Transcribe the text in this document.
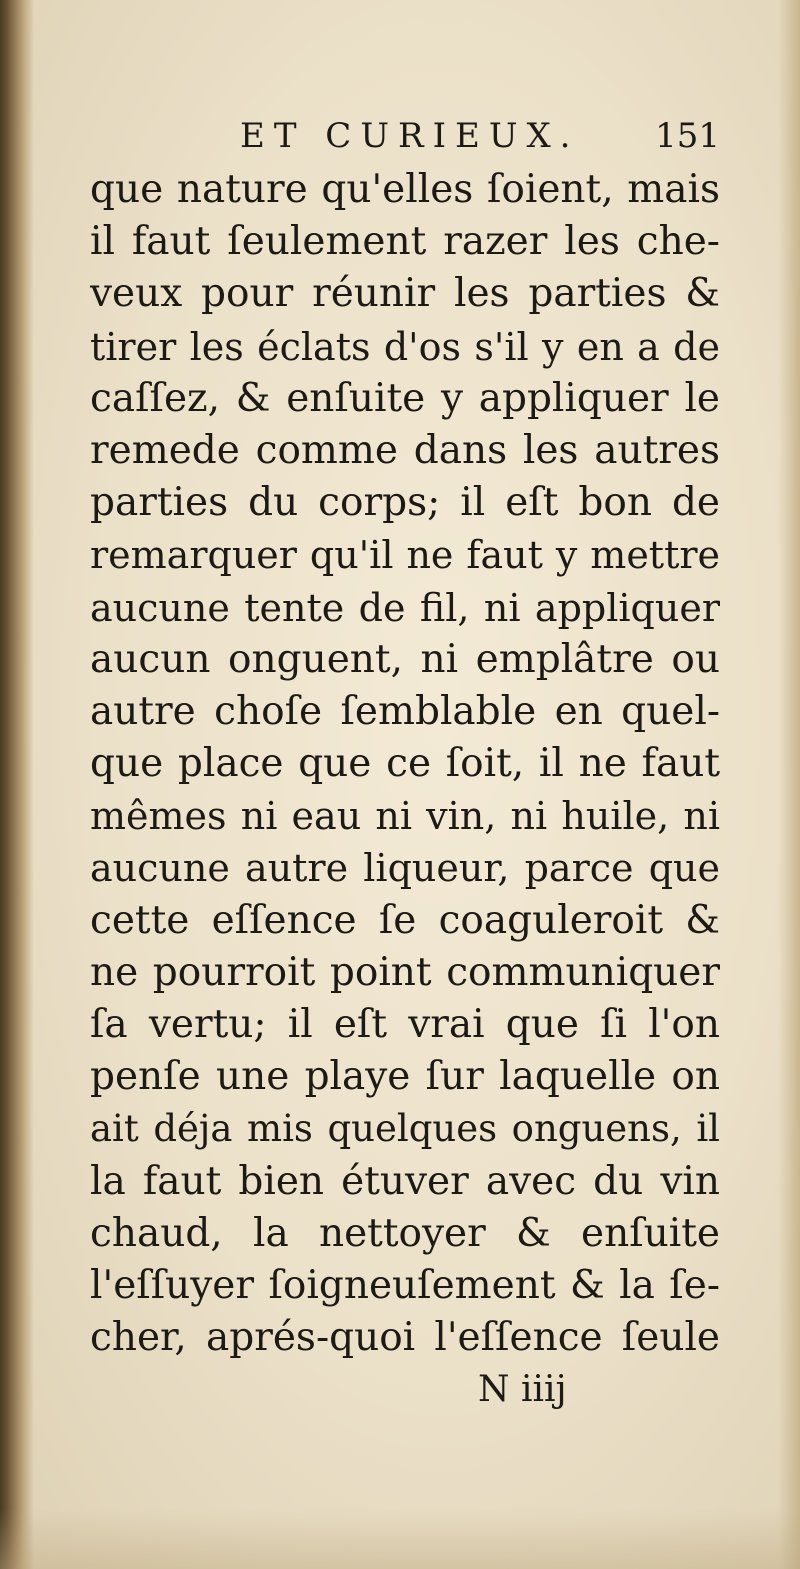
ET CURIEUX. 151
que nature qu'elles ſoient, mais
il faut ſeulement razer les che-
veux pour réunir les parties &
tirer les éclats d'os s'il y en a de
caſſez, & enſuite y appliquer le
remede comme dans les autres
parties du corps; il eſt bon de
remarquer qu'il ne faut y mettre
aucune tente de fil, ni appliquer
aucun onguent, ni emplâtre ou
autre choſe ſemblable en quel-
que place que ce ſoit, il ne faut
mêmes ni eau ni vin, ni huile, ni
aucune autre liqueur, parce que
cette eſſence ſe coaguleroit &
ne pourroit point communiquer
ſa vertu; il eſt vrai que ſi l'on
penſe une playe ſur laquelle on
ait déja mis quelques onguens, il
la faut bien étuver avec du vin
chaud, la nettoyer & enſuite
l'eſſuyer ſoigneuſement & la ſe-
cher, aprés-quoi l'eſſence ſeule
N iiij
